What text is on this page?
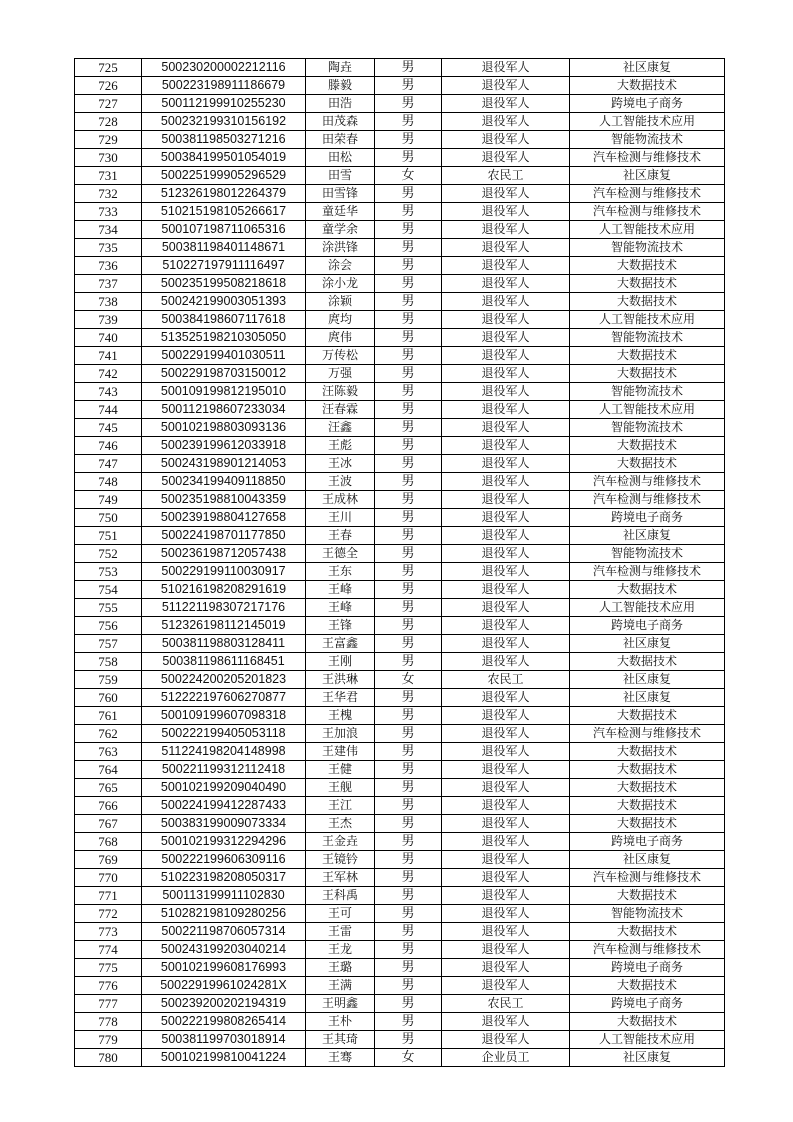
725	500230200002212116	陶垚	男	退役军人	社区康复
726	500223198911186679	滕毅	男	退役军人	大数据技术
727	500112199910255230	田浩	男	退役军人	跨境电子商务
728	500232199310156192	田茂森	男	退役军人	人工智能技术应用
729	500381198503271216	田荣春	男	退役军人	智能物流技术
730	500384199501054019	田松	男	退役军人	汽车检测与维修技术
731	500225199905296529	田雪	女	农民工	社区康复
732	512326198012264379	田雪锋	男	退役军人	汽车检测与维修技术
733	510215198105266617	童廷华	男	退役军人	汽车检测与维修技术
734	500107198711065316	童学余	男	退役军人	人工智能技术应用
735	500381198401148671	涂洪锋	男	退役军人	智能物流技术
736	510227197911116497	涂会	男	退役军人	大数据技术
737	500235199508218618	涂小龙	男	退役军人	大数据技术
738	500242199003051393	涂颖	男	退役军人	大数据技术
739	500384198607117618	庹均	男	退役军人	人工智能技术应用
740	513525198210305050	庹伟	男	退役军人	智能物流技术
741	500229199401030511	万传松	男	退役军人	大数据技术
742	500229198703150012	万强	男	退役军人	大数据技术
743	500109199812195010	汪陈毅	男	退役军人	智能物流技术
744	500112198607233034	汪春霖	男	退役军人	人工智能技术应用
745	500102198803093136	汪鑫	男	退役军人	智能物流技术
746	500239199612033918	王彪	男	退役军人	大数据技术
747	500243198901214053	王冰	男	退役军人	大数据技术
748	500234199409118850	王波	男	退役军人	汽车检测与维修技术
749	500235198810043359	王成林	男	退役军人	汽车检测与维修技术
750	500239198804127658	王川	男	退役军人	跨境电子商务
751	500224198701177850	王春	男	退役军人	社区康复
752	500236198712057438	王德全	男	退役军人	智能物流技术
753	500229199110030917	王东	男	退役军人	汽车检测与维修技术
754	510216198208291619	王峰	男	退役军人	大数据技术
755	511221198307217176	王峰	男	退役军人	人工智能技术应用
756	512326198112145019	王锋	男	退役军人	跨境电子商务
757	500381198803128411	王富鑫	男	退役军人	社区康复
758	500381198611168451	王刚	男	退役军人	大数据技术
759	500224200205201823	王洪琳	女	农民工	社区康复
760	512222197606270877	王华君	男	退役军人	社区康复
761	500109199607098318	王槐	男	退役军人	大数据技术
762	500222199405053118	王加浪	男	退役军人	汽车检测与维修技术
763	511224198204148998	王建伟	男	退役军人	大数据技术
764	500221199312112418	王健	男	退役军人	大数据技术
765	500102199209040490	王舰	男	退役军人	大数据技术
766	500224199412287433	王江	男	退役军人	大数据技术
767	500383199009073334	王杰	男	退役军人	大数据技术
768	500102199312294296	王金垚	男	退役军人	跨境电子商务
769	500222199606309116	王镜钤	男	退役军人	社区康复
770	510223198208050317	王军林	男	退役军人	汽车检测与维修技术
771	500113199911102830	王科禹	男	退役军人	大数据技术
772	510282198109280256	王可	男	退役军人	智能物流技术
773	500221198706057314	王雷	男	退役军人	大数据技术
774	500243199203040214	王龙	男	退役军人	汽车检测与维修技术
775	500102199608176993	王璐	男	退役军人	跨境电子商务
776	50022919961024281X	王满	男	退役军人	大数据技术
777	500239200202194319	王明鑫	男	农民工	跨境电子商务
778	500222199808265414	王朴	男	退役军人	大数据技术
779	500381199703018914	王其琦	男	退役军人	人工智能技术应用
780	500102199810041224	王骞	女	企业员工	社区康复
